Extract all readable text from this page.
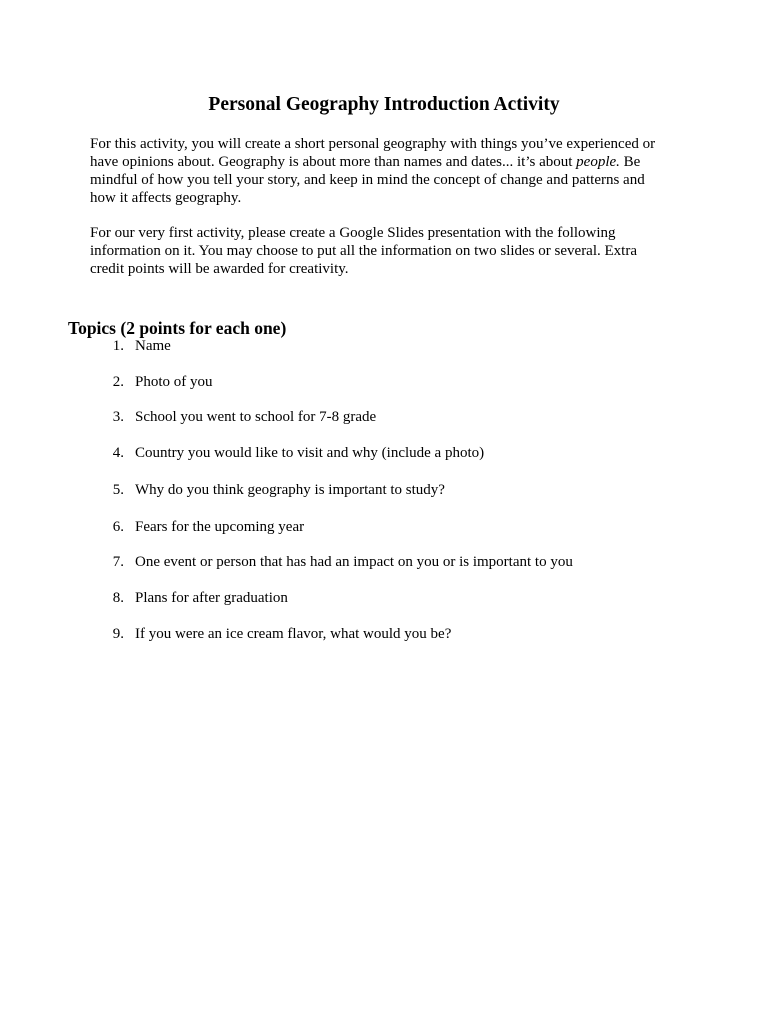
Personal Geography Introduction Activity

For this activity, you will create a short personal geography with things you’ve experienced or have opinions about. Geography is about more than names and dates... it’s about people. Be mindful of how you tell your story, and keep in mind the concept of change and patterns and how it affects geography.

For our very first activity, please create a Google Slides presentation with the following information on it. You may choose to put all the information on two slides or several. Extra credit points will be awarded for creativity.

Topics (2 points for each one)
1. Name
2. Photo of you
3. School you went to school for 7-8 grade
4. Country you would like to visit and why (include a photo)
5. Why do you think geography is important to study?
6. Fears for the upcoming year
7. One event or person that has had an impact on you or is important to you
8. Plans for after graduation
9. If you were an ice cream flavor, what would you be?
